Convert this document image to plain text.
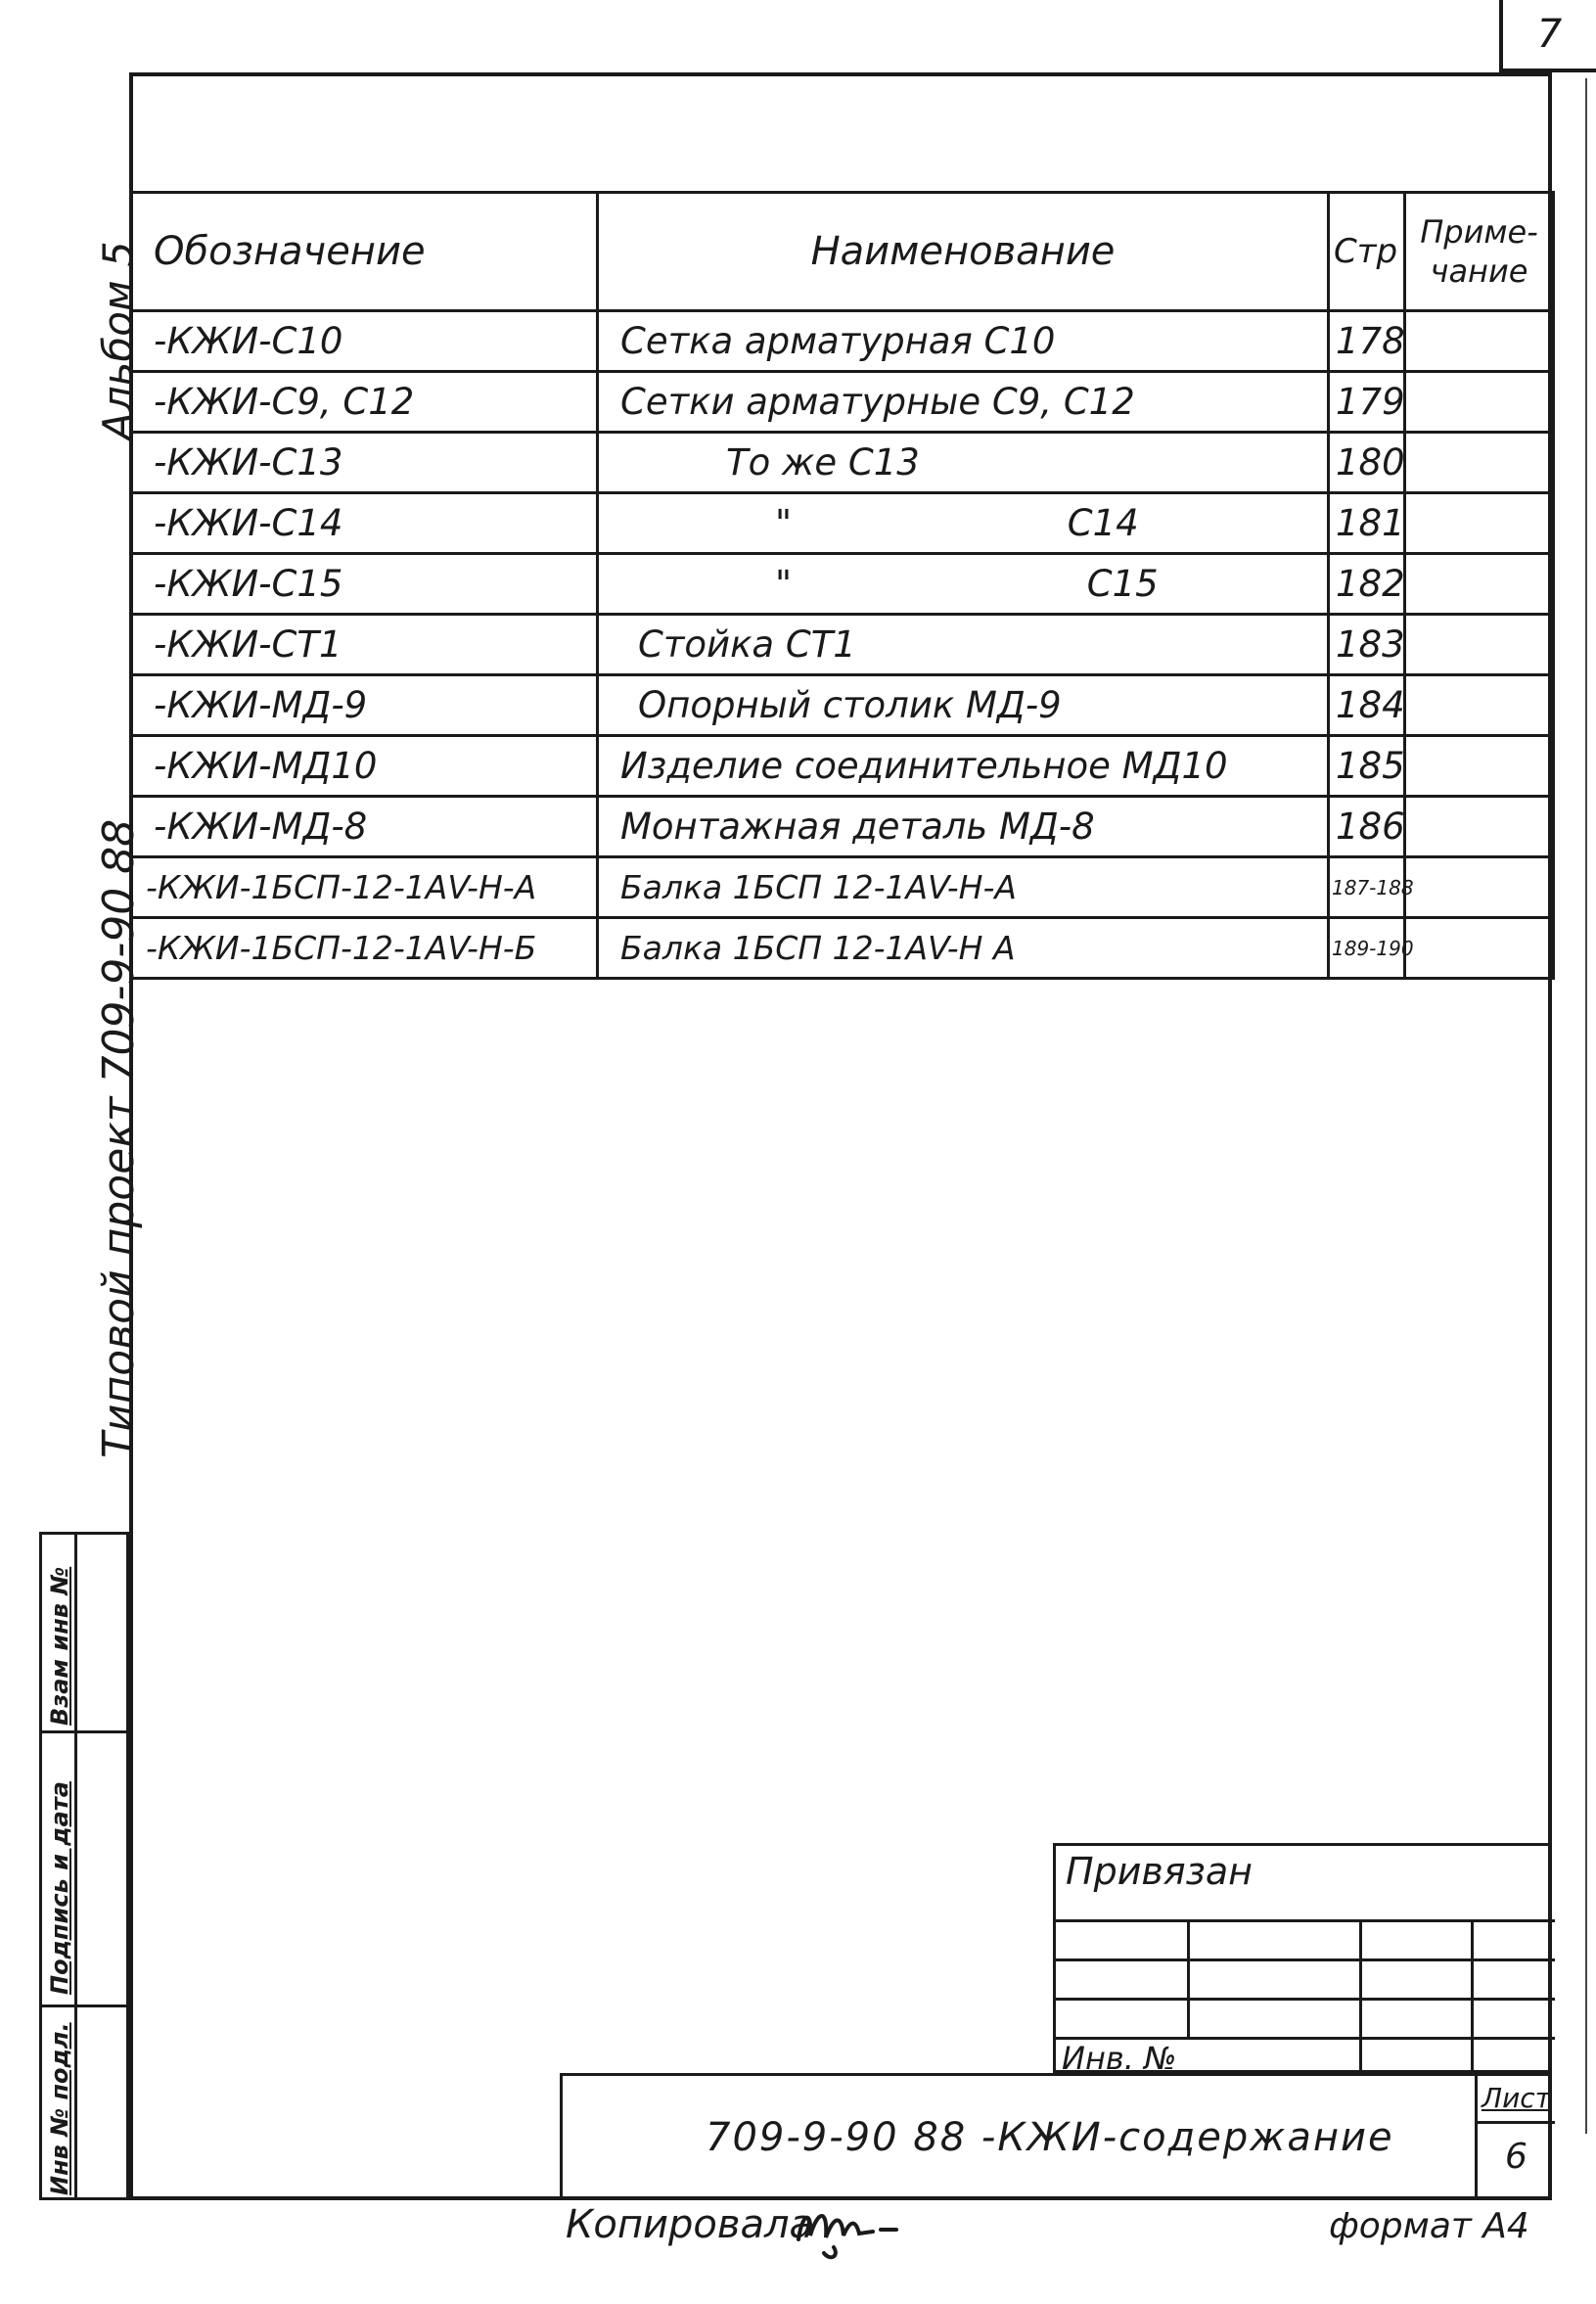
7
Альбом 5
Типовой проект 709-9-90 88
Обозначение	Наименование	Стр	Приме- чание
-КЖИ-С10	Сетка арматурная С10	178	
-КЖИ-С9, С12	Сетки арматурные С9, С12	179	
-КЖИ-С13	То же С13	180	
-КЖИ-С14	" С14	181	
-КЖИ-С15	" С15	182	
-КЖИ-СТ1	Стойка СТ1	183	
-КЖИ-МД-9	Опорный столик МД-9	184	
-КЖИ-МД10	Изделие соединительное МД10	185	
-КЖИ-МД-8	Монтажная деталь МД-8	186	
-КЖИ-1БСП-12-1АV-Н-А	Балка 1БСП 12-1АV-Н-А	187-188	
-КЖИ-1БСП-12-1АV-Н-Б	Балка 1БСП 12-1АV-Н А	189-190	
Инв № подл.
Подпись и дата
Взам инв №
Привязан
Инв. №
709-9-90 88 -КЖИ-содержание
Лист
6
Копировала	формат А4
